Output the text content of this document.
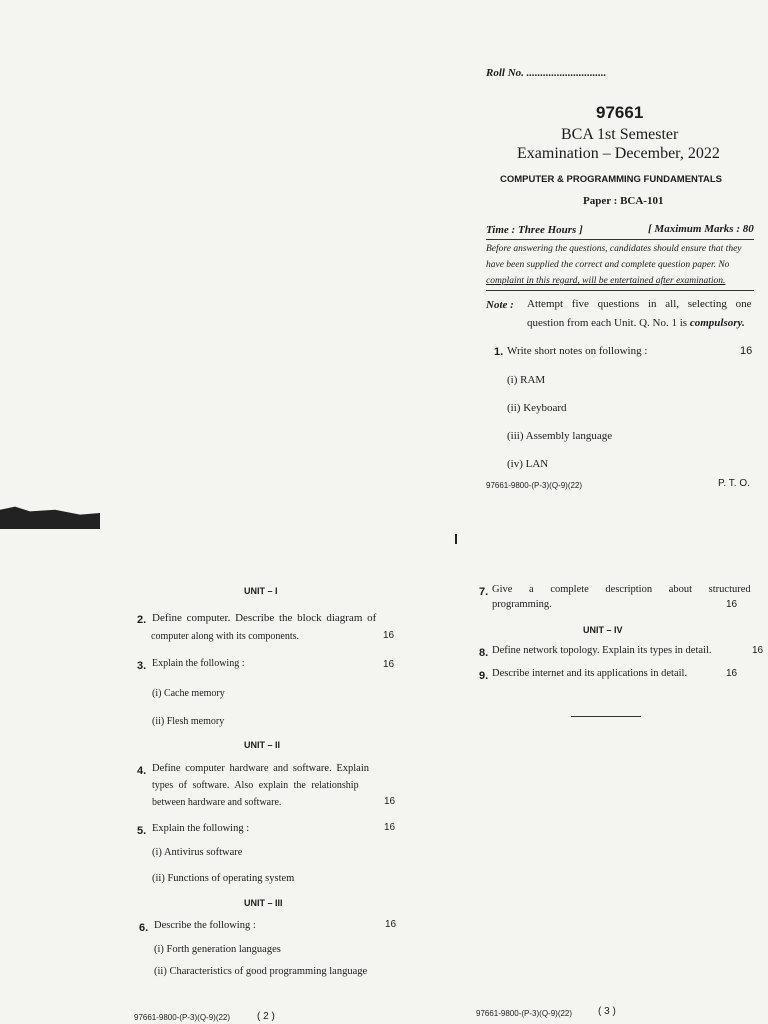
Roll No. .............................
97661
BCA 1st Semester
Examination – December, 2022
COMPUTER & PROGRAMMING FUNDAMENTALS
Paper : BCA-101
Time : Three Hours ]	[ Maximum Marks : 80
Before answering the questions, candidates should ensure that they
have been supplied the correct and complete question paper. No
complaint in this regard, will be entertained after examination.
Note : Attempt five questions in all, selecting one
question from each Unit. Q. No. 1 is compulsory.
1. Write short notes on following :	16
(i) RAM
(ii) Keyboard
(iii) Assembly language
(iv) LAN
97661-9800-(P-3)(Q-9)(22)	P. T. O.
UNIT – I
2. Define computer. Describe the block diagram of
computer along with its components.	16
3. Explain the following :	16
(i) Cache memory
(ii) Flesh memory
UNIT – II
4. Define computer hardware and software. Explain
types of software. Also explain the relationship
between hardware and software.	16
5. Explain the following :	16
(i) Antivirus software
(ii) Functions of operating system
UNIT – III
6. Describe the following :	16
(i) Forth generation languages
(ii) Characteristics of good programming language
97661-9800-(P-3)(Q-9)(22)	( 2 )
7. Give a complete description about structured
programming.	16
UNIT – IV
8. Define network topology. Explain its types in detail.	16
9. Describe internet and its applications in detail.	16
97661-9800-(P-3)(Q-9)(22)	( 3 )
